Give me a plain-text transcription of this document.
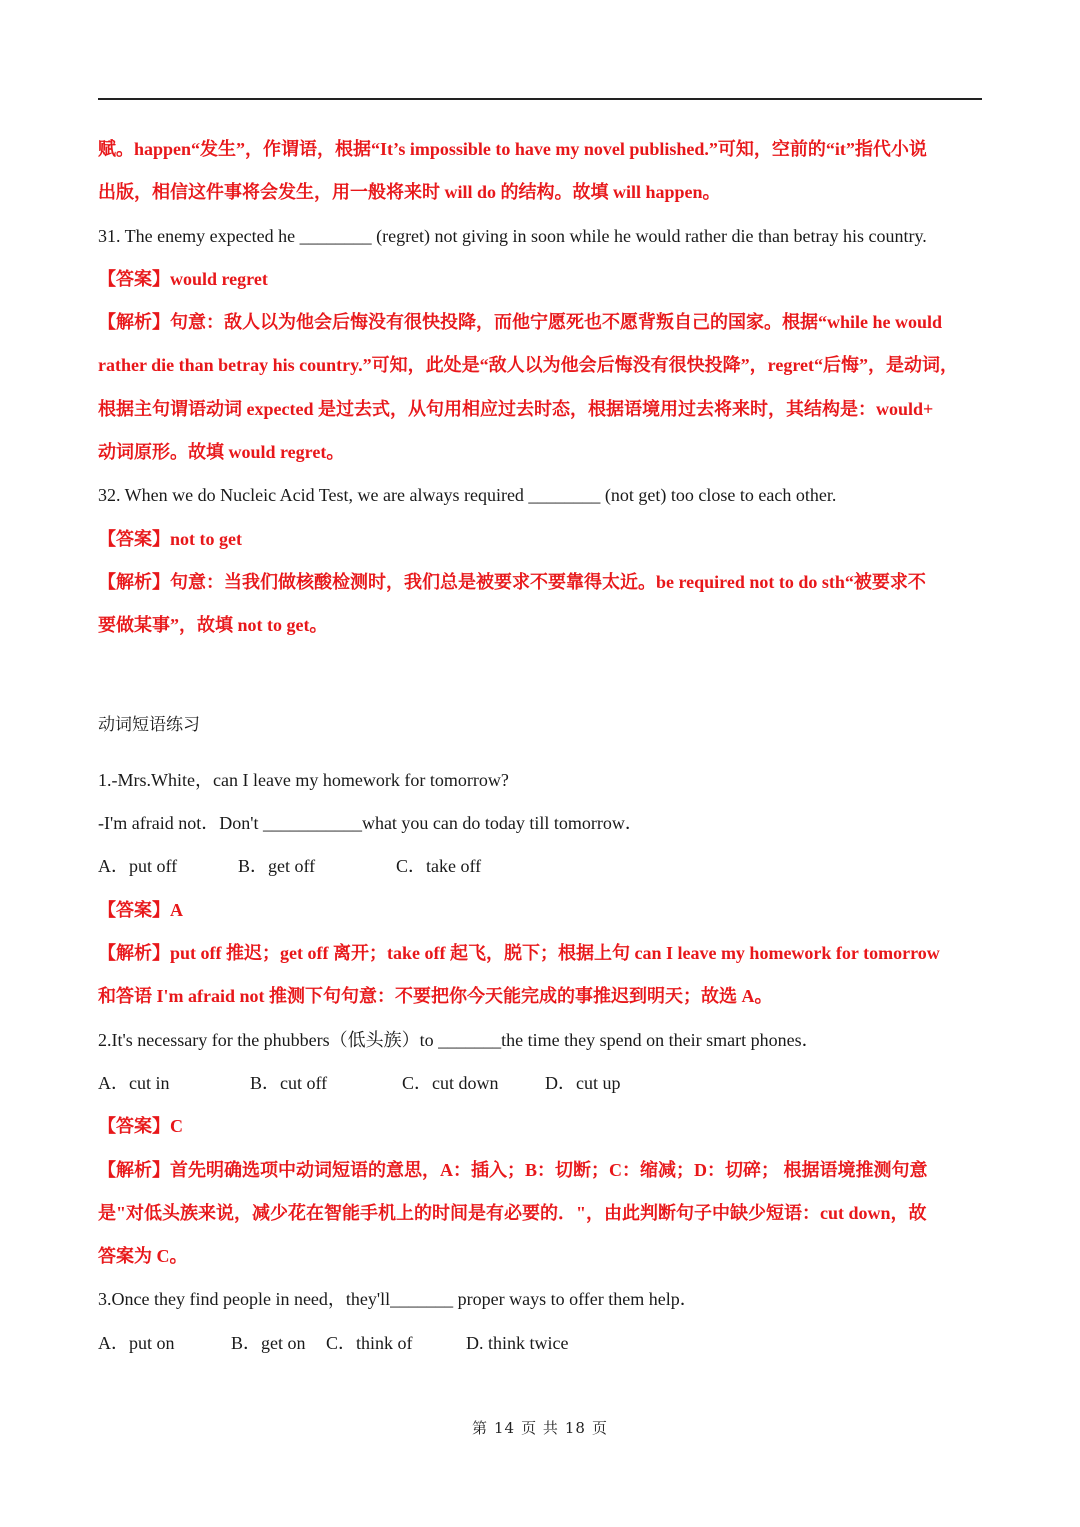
赋。happen“发生”，作谓语，根据“It’s impossible to have my novel published.”可知，空前的“it”指代小说
出版，相信这件事将会发生，用一般将来时 will do 的结构。故填 will happen。
31. The enemy expected he ________ (regret) not giving in soon while he would rather die than betray his country.
【答案】would regret
【解析】句意：敌人以为他会后悔没有很快投降，而他宁愿死也不愿背叛自己的国家。根据“while he would
rather die than betray his country.”可知，此处是“敌人以为他会后悔没有很快投降”，regret“后悔”，是动词，
根据主句谓语动词 expected 是过去式，从句用相应过去时态，根据语境用过去将来时，其结构是：would+
动词原形。故填 would regret。
32. When we do Nucleic Acid Test, we are always required ________ (not get) too close to each other.
【答案】not to get
【解析】句意：当我们做核酸检测时，我们总是被要求不要靠得太近。be required not to do sth“被要求不
要做某事”，故填 not to get。
动词短语练习
1.-Mrs.White，can I leave my homework for tomorrow?
-I'm afraid not．Don't ___________what you can do today till tomorrow．
A．put off	B．get off	C．take off
【答案】A
【解析】put off 推迟；get off 离开；take off 起飞，脱下；根据上句 can I leave my homework for tomorrow
和答语 I'm afraid not 推测下句句意：不要把你今天能完成的事推迟到明天；故选 A。
2.It's necessary for the phubbers（低头族）to _______the time they spend on their smart phones．
A．cut in	B．cut off	C．cut down	D．cut up
【答案】C
【解析】首先明确选项中动词短语的意思，A：插入；B：切断；C：缩减；D：切碎； 根据语境推测句意
是"对低头族来说，减少花在智能手机上的时间是有必要的．"，由此判断句子中缺少短语：cut down，故
答案为 C。
3.Once they find people in need，they'll_______ proper ways to offer them help．
A．put on	B．get on	C．think of	D. think twice
第 14 页 共 18 页
